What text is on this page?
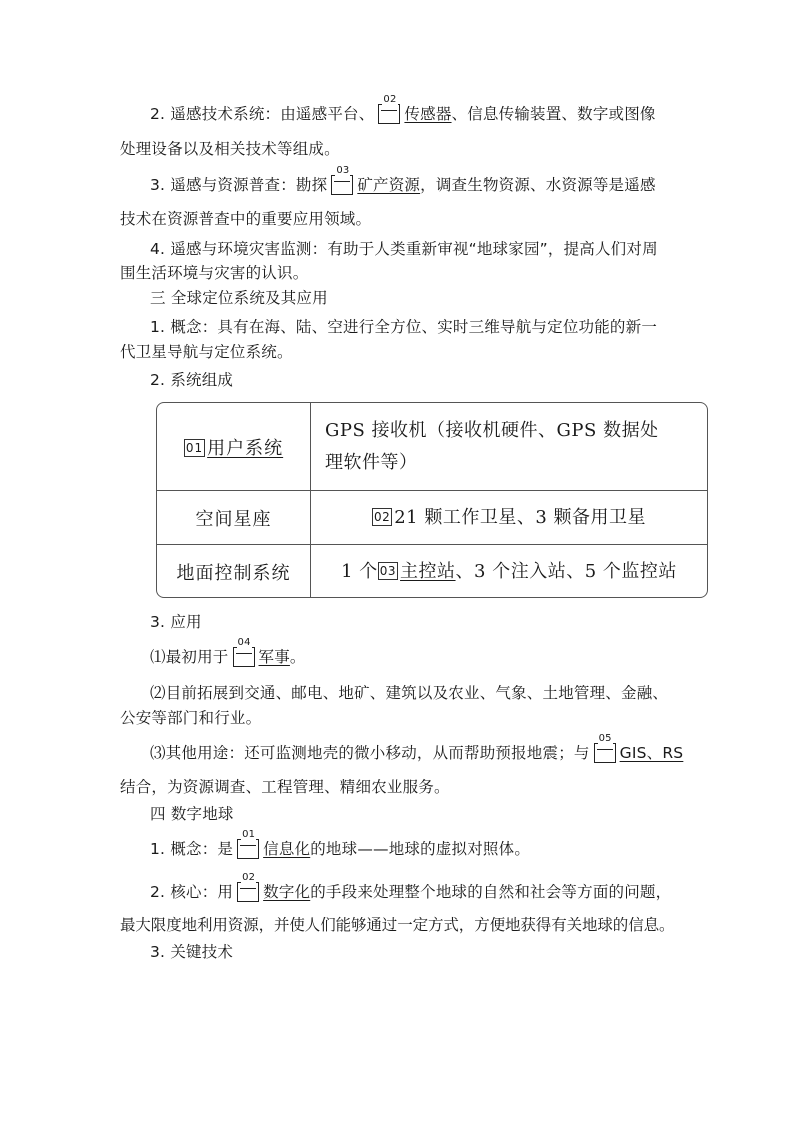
2. 遥感技术系统：由遥感平台、
02
传感器、信息传输装置、数字或图像
处理设备以及相关技术等组成。
3. 遥感与资源普查：勘探
03
矿产资源，调查生物资源、水资源等是遥感
技术在资源普查中的重要应用领域。
4. 遥感与环境灾害监测：有助于人类重新审视“地球家园”，提高人们对周
围生活环境与灾害的认识。
三 全球定位系统及其应用
1. 概念：具有在海、陆、空进行全方位、实时三维导航与定位功能的新一
代卫星导航与定位系统。
2. 系统组成
01 用户系统
GPS 接收机（接收机硬件、GPS 数据处
理软件等）
空间星座	02 21 颗工作卫星、3 颗备用卫星
地面控制系统	1 个 03 主控站、3 个注入站、5 个监控站
3. 应用
⑴最初用于
04
军事。
⑵目前拓展到交通、邮电、地矿、建筑以及农业、气象、土地管理、金融、
公安等部门和行业。
⑶其他用途：还可监测地壳的微小移动，从而帮助预报地震；与
05
GIS、RS
结合，为资源调查、工程管理、精细农业服务。
四 数字地球
1. 概念：是
01
信息化的地球——地球的虚拟对照体。
2. 核心：用
02
数字化的手段来处理整个地球的自然和社会等方面的问题，
最大限度地利用资源，并使人们能够通过一定方式，方便地获得有关地球的信息。
3. 关键技术
